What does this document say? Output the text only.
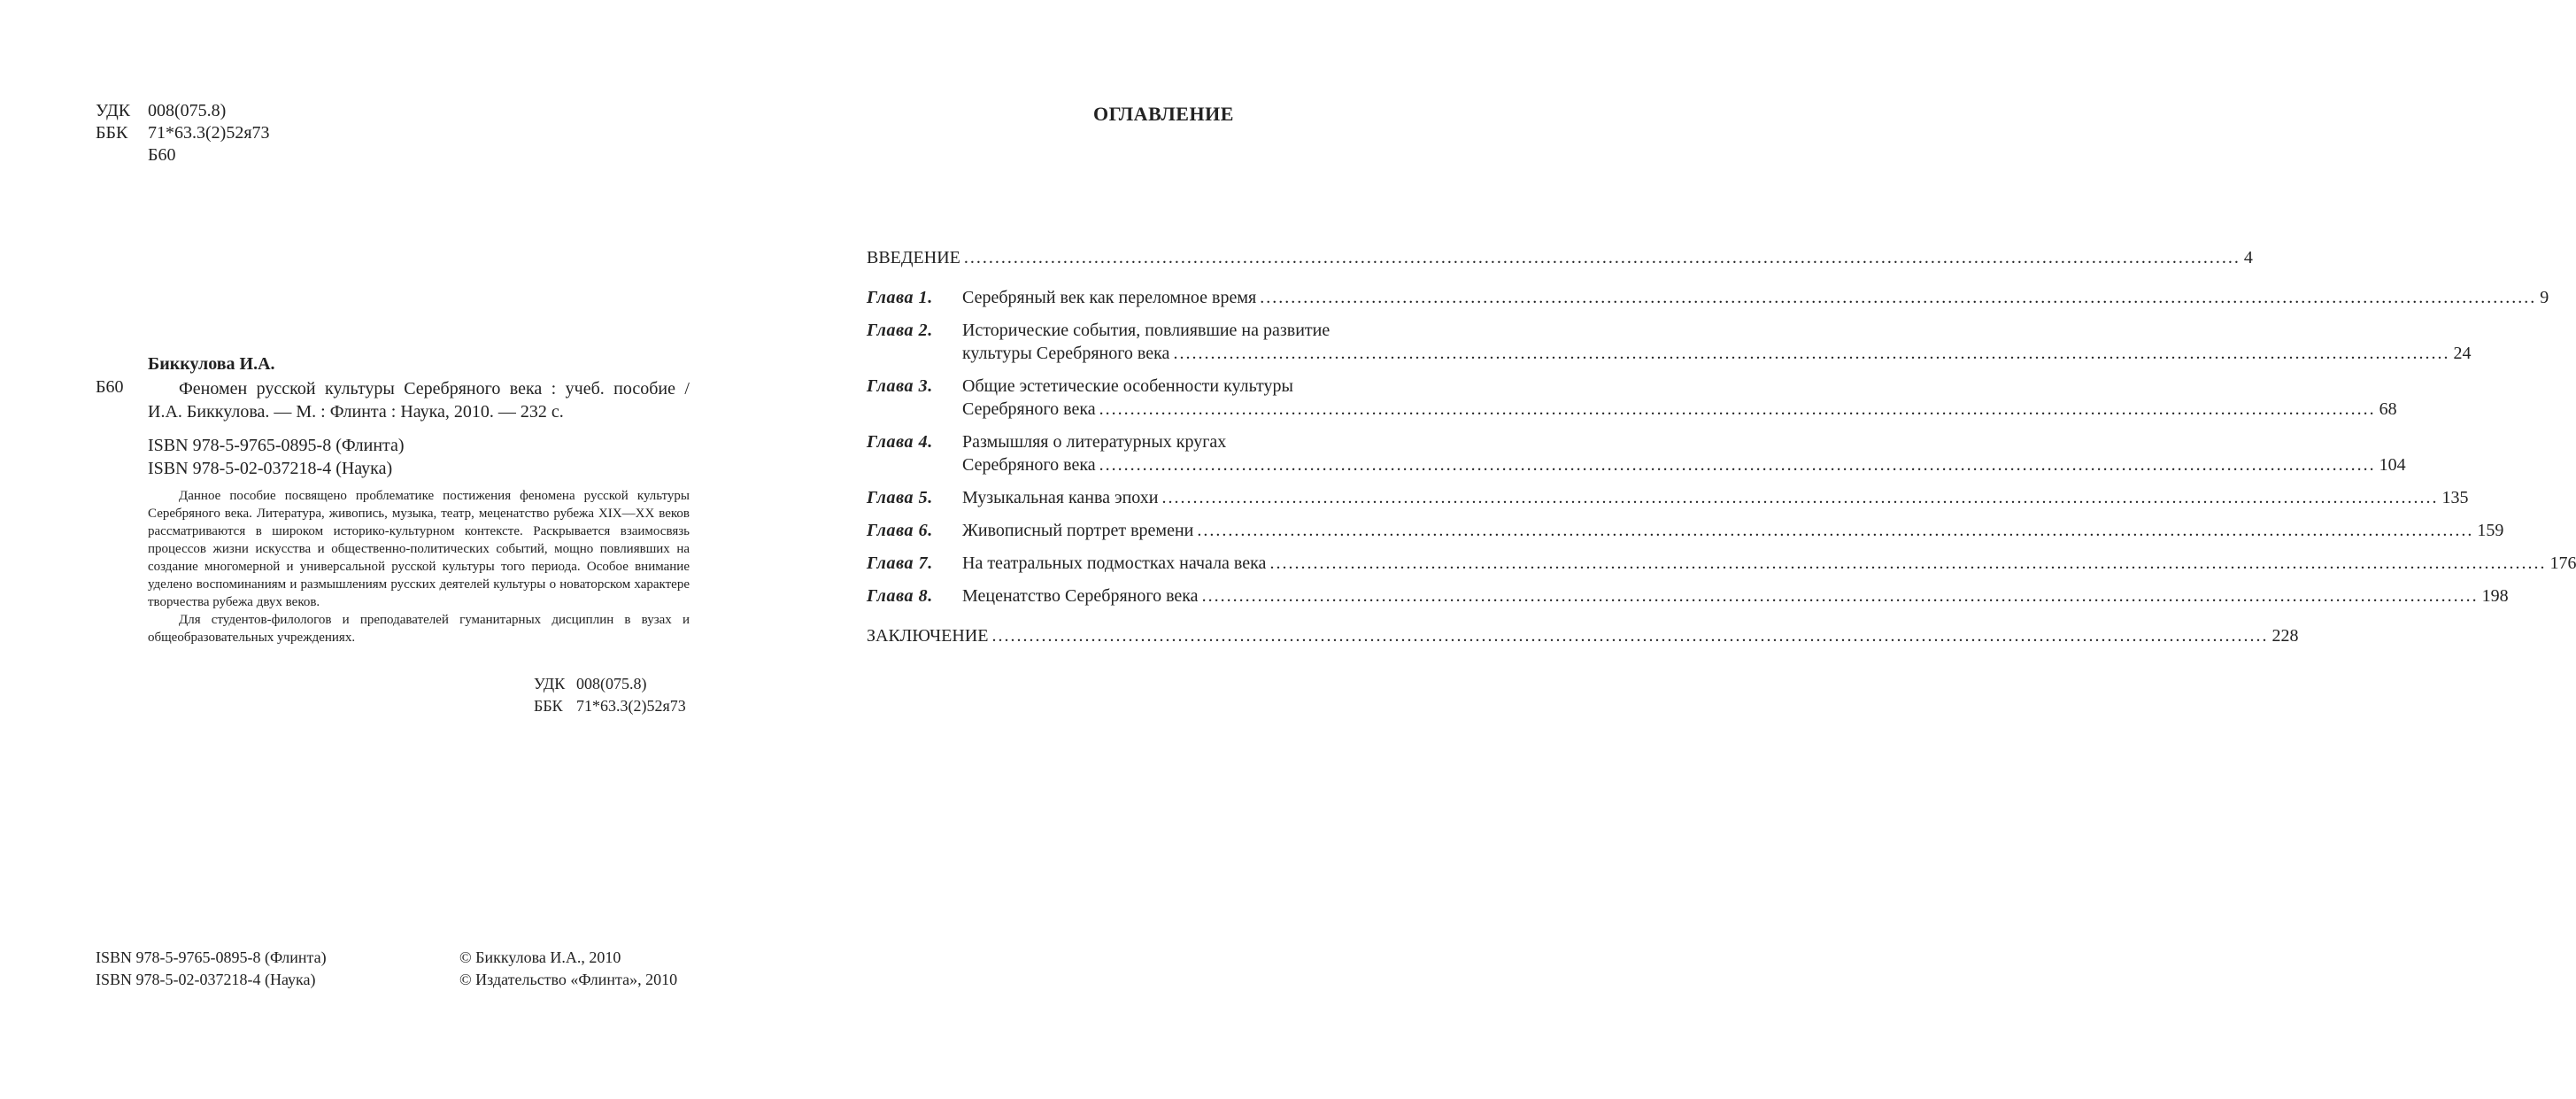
УДК 008(075.8)
ББК	71*63.3(2)52я73
Б60
Биккулова И.А.
Б60	Феномен русской культуры Серебряного века : учеб. пособие /
И.А. Биккулова. — М. : Флинта : Наука, 2010. — 232 с.
ISBN 978-5-9765-0895-8 (Флинта)
ISBN 978-5-02-037218-4 (Наука)

Данное пособие посвящено проблематике постижения феномена русской культуры Серебряного века. Литература, живопись, музыка, театр, меценатство рубежа XIX—XX веков рассматриваются в широком историко-культурном контексте. Раскрывается взаимосвязь процессов жизни искусства и общественно-политических событий, мощно повлиявших на создание многомерной и универсальной русской культуры того периода. Особое внимание уделено воспоминаниям и размышлениям русских деятелей культуры о новаторском характере творчества рубежа двух веков.

Для студентов-филологов и преподавателей гуманитарных дисциплин в вузах и общеобразовательных учреждениях.

УДК 008(075.8)
ББК 71*63.3(2)52я73
ISBN 978-5-9765-0895-8 (Флинта)
ISBN 978-5-02-037218-4 (Наука)
© Биккулова И.А., 2010
© Издательство «Флинта», 2010
ОГЛАВЛЕНИЕ
ВВЕДЕНИЕ .....	4
Глава 1.	Серебряный век как переломное время .....	9
Глава 2.	Исторические события, повлиявшие на развитие
культуры Серебряного века .....	24
Глава 3.	Общие эстетические особенности культуры
Серебряного века .....	68
Глава 4.	Размышляя о литературных кругах
Серебряного века .....	104
Глава 5.	Музыкальная канва эпохи .....	135
Глава 6.	Живописный портрет времени .....	159
Глава 7.	На театральных подмостках начала века .....	176
Глава 8.	Меценатство Серебряного века .....	198
ЗАКЛЮЧЕНИЕ .....	228
